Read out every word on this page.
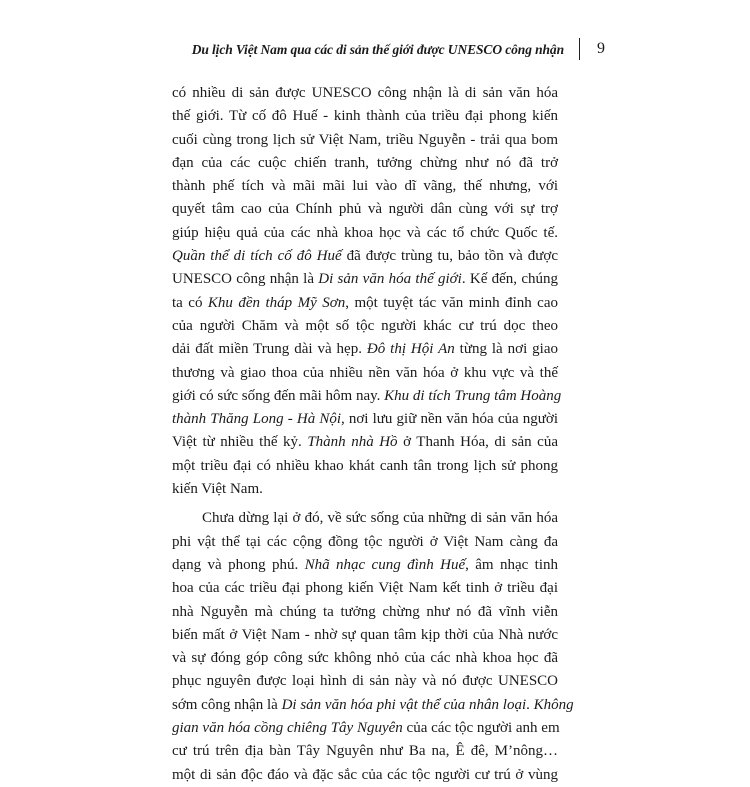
Du lịch Việt Nam qua các di sản thế giới được UNESCO công nhận 9
có nhiều di sản được UNESCO công nhận là di sản văn hóa
thế giới. Từ cố đô Huế - kinh thành của triều đại phong kiến
cuối cùng trong lịch sử Việt Nam, triều Nguyễn - trải qua bom
đạn của các cuộc chiến tranh, tưởng chừng như nó đã trở
thành phế tích và mãi mãi lui vào dĩ vãng, thế nhưng, với
quyết tâm cao của Chính phủ và người dân cùng với sự trợ
giúp hiệu quả của các nhà khoa học và các tổ chức Quốc tế.
Quần thể di tích cố đô Huế đã được trùng tu, bảo tồn và được
UNESCO công nhận là Di sản văn hóa thế giới. Kế đến, chúng
ta có Khu đền tháp Mỹ Sơn, một tuyệt tác văn minh đỉnh cao
của người Chăm và một số tộc người khác cư trú dọc theo
dải đất miền Trung dài và hẹp. Đô thị Hội An từng là nơi giao
thương và giao thoa của nhiều nền văn hóa ở khu vực và thế
giới có sức sống đến mãi hôm nay. Khu di tích Trung tâm Hoàng
thành Thăng Long - Hà Nội, nơi lưu giữ nền văn hóa của người
Việt từ nhiều thế kỷ. Thành nhà Hồ ở Thanh Hóa, di sản của
một triều đại có nhiều khao khát canh tân trong lịch sử phong
kiến Việt Nam.
Chưa dừng lại ở đó, về sức sống của những di sản văn hóa
phi vật thể tại các cộng đồng tộc người ở Việt Nam càng đa
dạng và phong phú. Nhã nhạc cung đình Huế, âm nhạc tinh
hoa của các triều đại phong kiến Việt Nam kết tinh ở triều đại
nhà Nguyễn mà chúng ta tưởng chừng như nó đã vĩnh viễn
biến mất ở Việt Nam - nhờ sự quan tâm kịp thời của Nhà nước
và sự đóng góp công sức không nhỏ của các nhà khoa học đã
phục nguyên được loại hình di sản này và nó được UNESCO
sớm công nhận là Di sản văn hóa phi vật thể của nhân loại. Không
gian văn hóa cồng chiêng Tây Nguyên của các tộc người anh em
cư trú trên địa bàn Tây Nguyên như Ba na, Ê đê, M’nông…
một di sản độc đáo và đặc sắc của các tộc người cư trú ở vùng
